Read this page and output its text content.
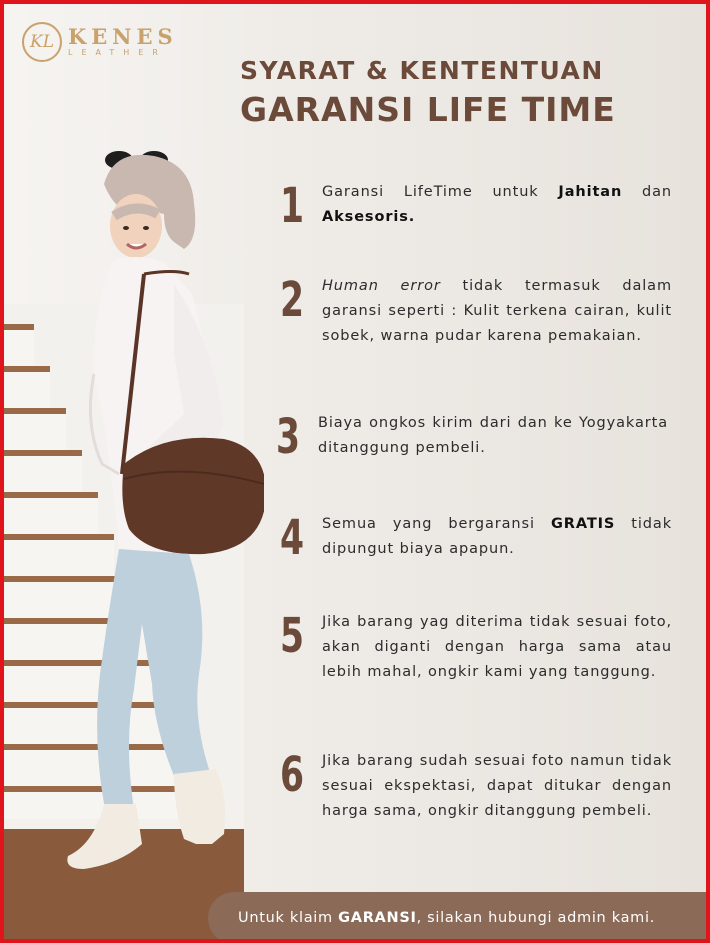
KL KENES
LEATHER
SYARAT & KENTENTUAN
GARANSI LIFE TIME
1 Garansi LifeTime untuk Jahitan dan Aksesoris.
2 Human error tidak termasuk dalam garansi seperti : Kulit terkena cairan, kulit sobek, warna pudar karena pemakaian.
3 Biaya ongkos kirim dari dan ke Yogyakarta ditanggung pembeli.
4 Semua yang bergaransi GRATIS tidak dipungut biaya apapun.
5 Jika barang yag diterima tidak sesuai foto, akan diganti dengan harga sama atau lebih mahal, ongkir kami yang tanggung.
6 Jika barang sudah sesuai foto namun tidak sesuai ekspektasi, dapat ditukar dengan harga sama, ongkir ditanggung pembeli.
Untuk klaim GARANSI, silakan hubungi admin kami.
